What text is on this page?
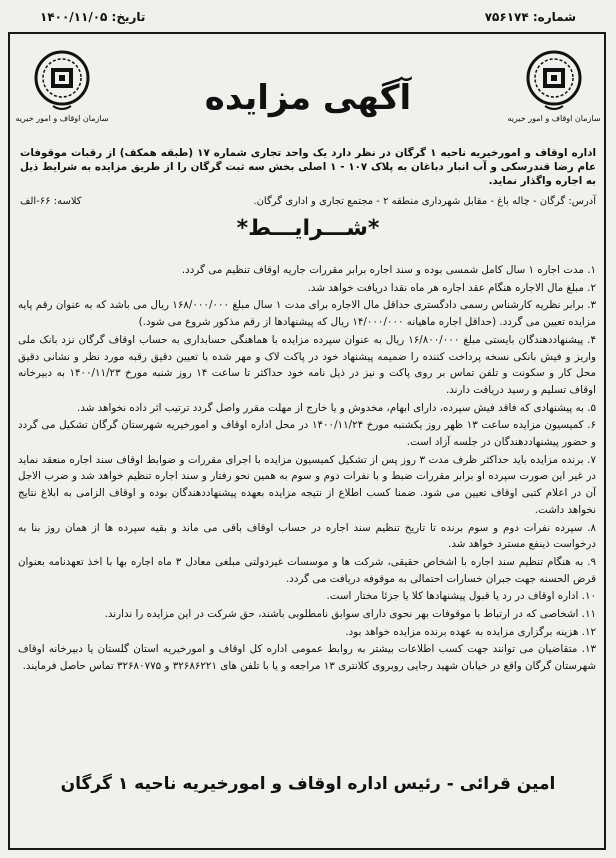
شماره: ۷۵۶۱۷۴
تاریخ: ۱۴۰۰/۱۱/۰۵
سازمان اوقاف و امور خیریه
آگهی مزایده
سازمان اوقاف و امور خیریه
اداره اوقاف و امورخیریه ناحیه ۱ گرگان در نظر دارد یک واحد تجاری شماره ۱۷ (طبقه همکف) از رقبات موقوفات عام رضا قندرسکی و آب انبار دباغان به پلاک ۱۰۷ - ۱ اصلی بخش سه ثبت گرگان را از طریق مزایده به شرایط ذیل به اجاره واگذار نماید.
آدرس: گرگان - چاله باغ - مقابل شهرداری منطقه ۲ - مجتمع تجاری و اداری گرگان.
کلاسه: ۶۶-الف
*شـــرایـــط*
۱. مدت اجاره ۱ سال کامل شمسی بوده و سند اجاره برابر مقررات جاریه اوقاف تنظیم می گردد.
۲. مبلغ مال الاجاره هنگام عقد اجاره هر ماه نقدا دریافت خواهد شد.
۳. برابر نظریه کارشناس رسمی دادگستری حداقل مال الاجاره برای مدت ۱ سال مبلغ ۱۶۸/۰۰۰/۰۰۰ ریال می باشد که به عنوان رقم پایه مزایده تعیین می گردد. (حداقل اجاره ماهیانه ۱۴/۰۰۰/۰۰۰ ریال که پیشنهادها از رقم مذکور شروع می شود.)
۴. پیشنهاددهندگان بایستی مبلغ ۱۶/۸۰۰/۰۰۰ ریال به عنوان سپرده مزایده با هماهنگی حسابداری به حساب اوقاف گرگان نزد بانک ملی واریز و فیش بانکی نسخه پرداخت کننده را ضمیمه پیشنهاد خود در پاکت لاک و مهر شده با تعیین دقیق رقبه مورد نظر و نشانی دقیق محل کار و سکونت و تلفن تماس بر روی پاکت و نیز در ذیل نامه خود حداکثر تا ساعت ۱۴ روز شنبه مورخ ۱۴۰۰/۱۱/۲۳ به دبیرخانه اوقاف تسلیم و رسید دریافت دارند.
۵. به پیشنهادی که فاقد فیش سپرده، دارای ابهام، مخدوش و یا خارج از مهلت مقرر واصل گردد ترتیب اثر داده نخواهد شد.
۶. کمیسیون مزایده ساعت ۱۳ ظهر روز یکشنبه مورخ ۱۴۰۰/۱۱/۲۴ در محل اداره اوقاف و امورخیریه شهرستان گرگان تشکیل می گردد و حضور پیشنهاددهندگان در جلسه آزاد است.
۷. برنده مزایده باید حداکثر ظرف مدت ۳ روز پس از تشکیل کمیسیون مزایده با اجرای مقررات و ضوابط اوقاف سند اجاره منعقد نماید در غیر این صورت سپرده او برابر مقررات ضبط و با نفرات دوم و سوم به همین نحو رفتار و سند اجاره تنظیم خواهد شد و ضرب الاجل آن در اعلام کتبی اوقاف تعیین می شود. ضمنا کسب اطلاع از نتیجه مزایده بعهده پیشنهاددهندگان بوده و اوقاف الزامی به ابلاغ نتایج نخواهد داشت.
۸. سپرده نفرات دوم و سوم برنده تا تاریخ تنظیم سند اجاره در حساب اوقاف باقی می ماند و بقیه سپرده ها از همان روز بنا به درخواست ذینفع مسترد خواهد شد.
۹. به هنگام تنظیم سند اجاره با اشخاص حقیقی، شرکت ها و موسسات غیردولتی مبلغی معادل ۳ ماه اجاره بها با اخذ تعهدنامه بعنوان قرض الحسنه جهت جبران خسارات احتمالی به موقوفه دریافت می گردد.
۱۰. اداره اوقاف در رد یا قبول پیشنهادها کلا یا جزئا مختار است.
۱۱. اشخاصی که در ارتباط با موقوفات بهر نحوی دارای سوابق نامطلوبی باشند، حق شرکت در این مزایده را ندارند.
۱۲. هزینه برگزاری مزایده به عهده برنده مزایده خواهد بود.
۱۳. متقاضیان می توانند جهت کسب اطلاعات بیشتر به روابط عمومی اداره کل اوقاف و امورخیریه استان گلستان یا دبیرخانه اوقاف شهرستان گرگان واقع در خیابان شهید رجایی روبروی کلانتری ۱۳ مراجعه و یا با تلفن های ۳۲۶۸۶۲۲۱ و ۳۲۶۸۰۷۷۵ تماس حاصل فرمایند.
امین قرائی - رئیس اداره اوقاف و امورخیریه ناحیه ۱ گرگان
